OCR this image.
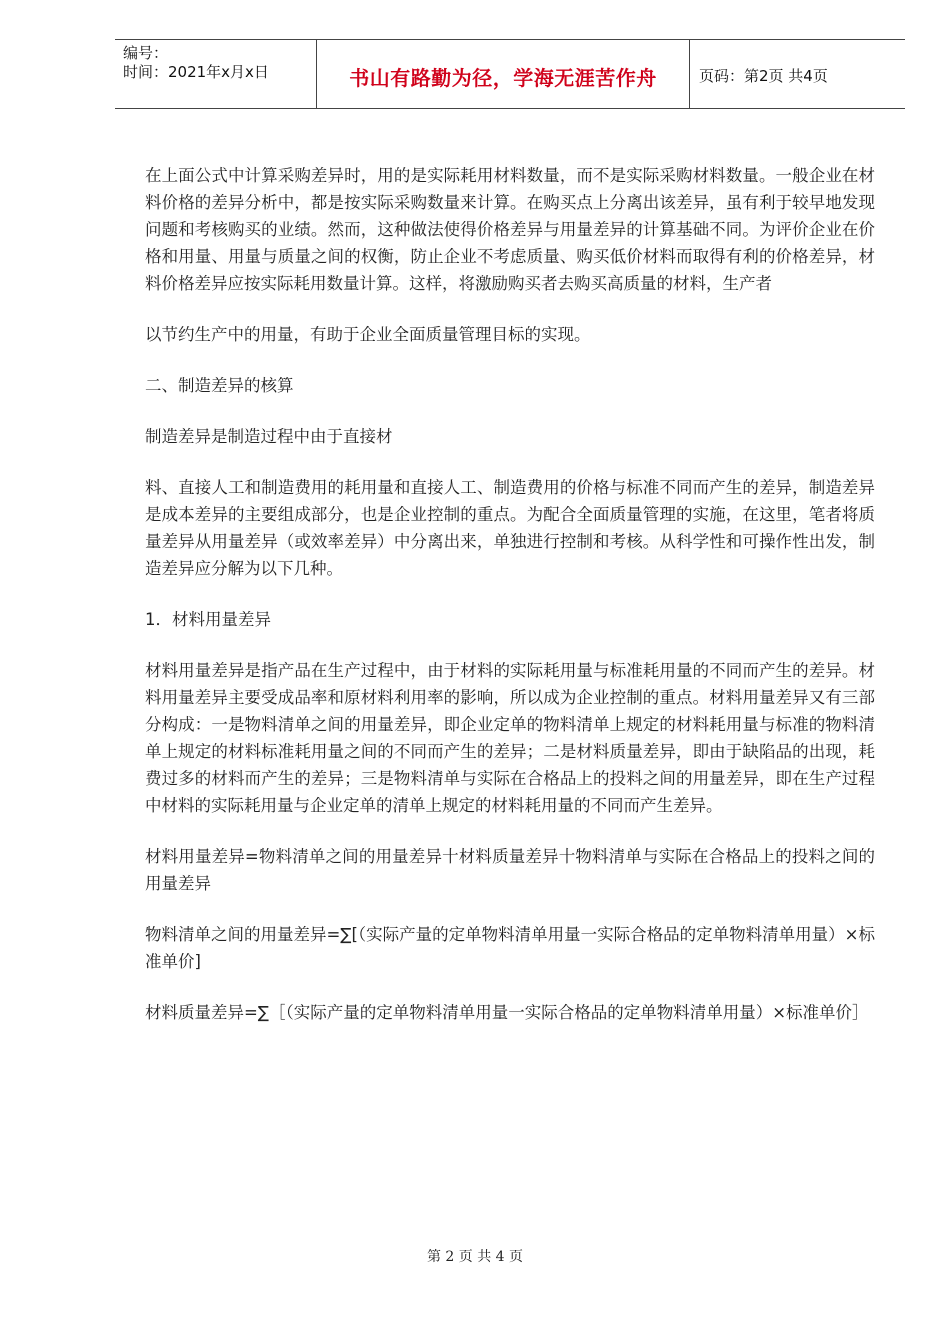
编号：
时间：2021年x月x日	书山有路勤为径，学海无涯苦作舟	页码：第2页 共4页

在上面公式中计算采购差异时，用的是实际耗用材料数量，而不是实际采购材料数量。一般企业在材料价格的差异分析中，都是按实际采购数量来计算。在购买点上分离出该差异，虽有利于较早地发现问题和考核购买的业绩。然而，这种做法使得价格差异与用量差异的计算基础不同。为评价企业在价格和用量、用量与质量之间的权衡，防止企业不考虑质量、购买低价材料而取得有利的价格差异，材料价格差异应按实际耗用数量计算。这样，将激励购买者去购买高质量的材料，生产者

以节约生产中的用量，有助于企业全面质量管理目标的实现。

二、制造差异的核算

制造差异是制造过程中由于直接材

料、直接人工和制造费用的耗用量和直接人工、制造费用的价格与标准不同而产生的差异，制造差异是成本差异的主要组成部分，也是企业控制的重点。为配合全面质量管理的实施，在这里，笔者将质量差异从用量差异（或效率差异）中分离出来，单独进行控制和考核。从科学性和可操作性出发，制造差异应分解为以下几种。

1．材料用量差异

材料用量差异是指产品在生产过程中，由于材料的实际耗用量与标准耗用量的不同而产生的差异。材料用量差异主要受成品率和原材料利用率的影响，所以成为企业控制的重点。材料用量差异又有三部分构成：一是物料清单之间的用量差异，即企业定单的物料清单上规定的材料耗用量与标准的物料清单上规定的材料标准耗用量之间的不同而产生的差异；二是材料质量差异，即由于缺陷品的出现，耗费过多的材料而产生的差异；三是物料清单与实际在合格品上的投料之间的用量差异，即在生产过程中材料的实际耗用量与企业定单的清单上规定的材料耗用量的不同而产生差异。

材料用量差异=物料清单之间的用量差异十材料质量差异十物料清单与实际在合格品上的投料之间的用量差异

物料清单之间的用量差异=∑[（实际产量的定单物料清单用量一实际合格品的定单物料清单用量）×标准单价]

材料质量差异=∑［（实际产量的定单物料清单用量一实际合格品的定单物料清单用量）×标准单价］

第 2 页 共 4 页
